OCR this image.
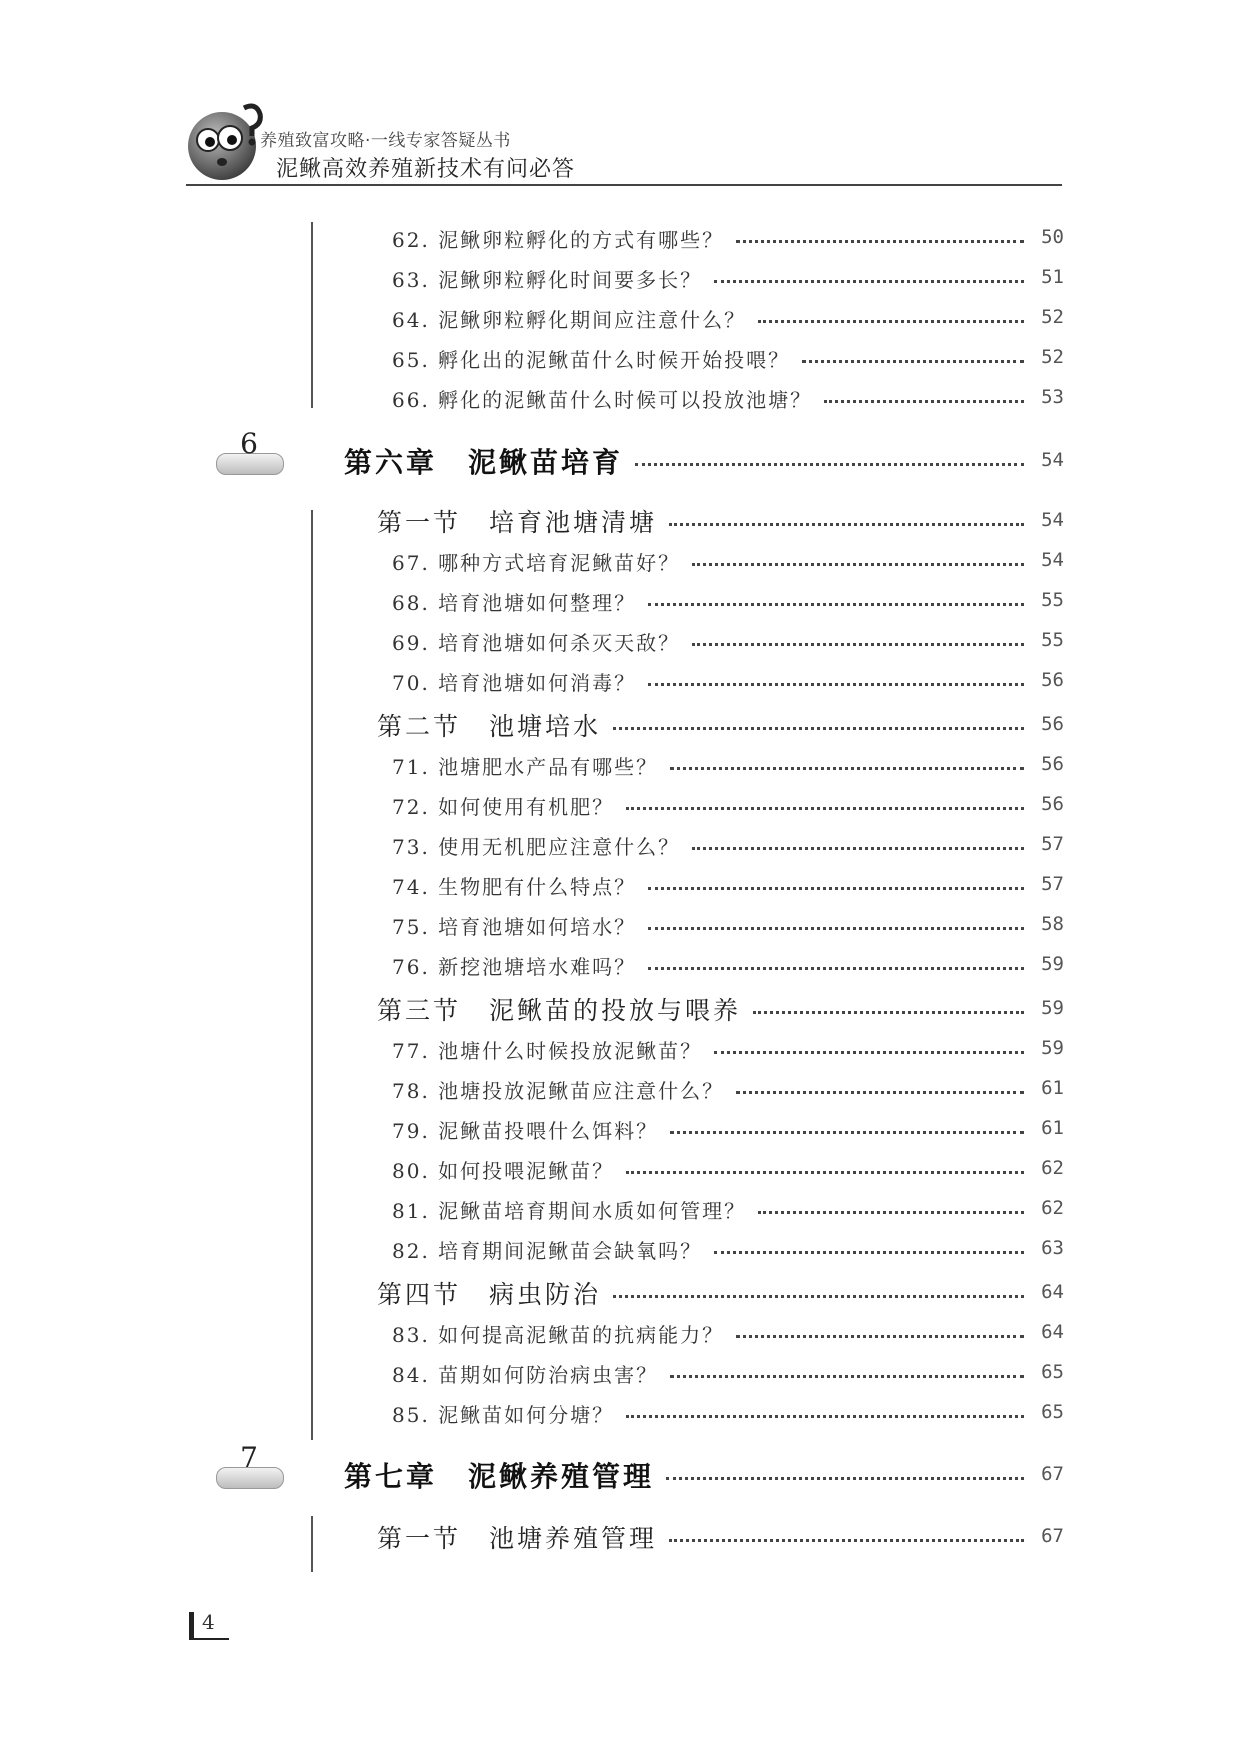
养殖致富攻略·一线专家答疑丛书
泥鳅高效养殖新技术有问必答
62. 泥鳅卵粒孵化的方式有哪些？	50
63. 泥鳅卵粒孵化时间要多长？	51
64. 泥鳅卵粒孵化期间应注意什么？	52
65. 孵化出的泥鳅苗什么时候开始投喂？	52
66. 孵化的泥鳅苗什么时候可以投放池塘？	53
第六章　泥鳅苗培育	54
第一节　培育池塘清塘	54
67. 哪种方式培育泥鳅苗好？	54
68. 培育池塘如何整理？	55
69. 培育池塘如何杀灭天敌？	55
70. 培育池塘如何消毒？	56
第二节　池塘培水	56
71. 池塘肥水产品有哪些？	56
72. 如何使用有机肥？	56
73. 使用无机肥应注意什么？	57
74. 生物肥有什么特点？	57
75. 培育池塘如何培水？	58
76. 新挖池塘培水难吗？	59
第三节　泥鳅苗的投放与喂养	59
77. 池塘什么时候投放泥鳅苗？	59
78. 池塘投放泥鳅苗应注意什么？	61
79. 泥鳅苗投喂什么饵料？	61
80. 如何投喂泥鳅苗？	62
81. 泥鳅苗培育期间水质如何管理？	62
82. 培育期间泥鳅苗会缺氧吗？	63
第四节　病虫防治	64
83. 如何提高泥鳅苗的抗病能力？	64
84. 苗期如何防治病虫害？	65
85. 泥鳅苗如何分塘？	65
第七章　泥鳅养殖管理	67
第一节　池塘养殖管理	67
4
6
7
